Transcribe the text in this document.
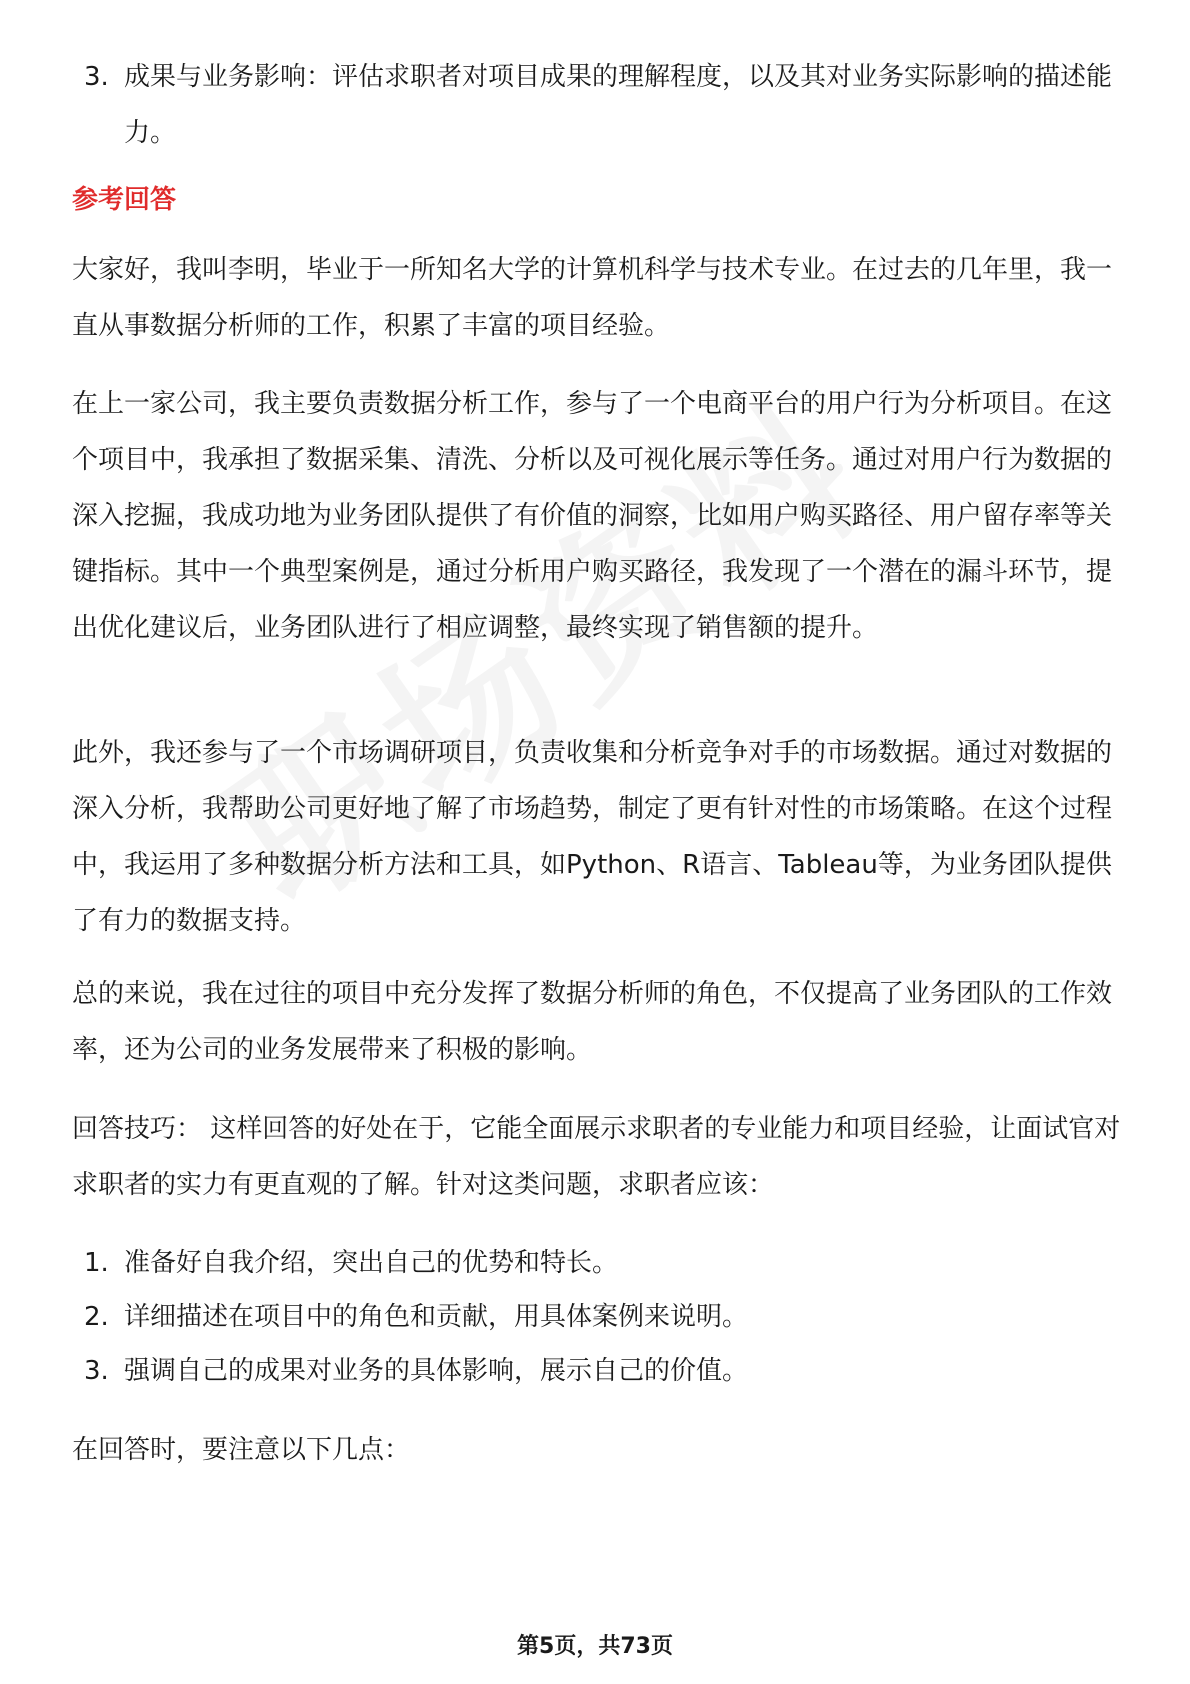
3. 成果与业务影响：评估求职者对项目成果的理解程度，以及其对业务实际影响的描述能力。
参考回答

大家好，我叫李明，毕业于一所知名大学的计算机科学与技术专业。在过去的几年里，我一直从事数据分析师的工作，积累了丰富的项目经验。

在上一家公司，我主要负责数据分析工作，参与了一个电商平台的用户行为分析项目。在这个项目中，我承担了数据采集、清洗、分析以及可视化展示等任务。通过对用户行为数据的深入挖掘，我成功地为业务团队提供了有价值的洞察，比如用户购买路径、用户留存率等关键指标。其中一个典型案例是，通过分析用户购买路径，我发现了一个潜在的漏斗环节，提出优化建议后，业务团队进行了相应调整，最终实现了销售额的提升。

此外，我还参与了一个市场调研项目，负责收集和分析竞争对手的市场数据。通过对数据的深入分析，我帮助公司更好地了解了市场趋势，制定了更有针对性的市场策略。在这个过程中，我运用了多种数据分析方法和工具，如Python、R语言、Tableau等，为业务团队提供了有力的数据支持。

总的来说，我在过往的项目中充分发挥了数据分析师的角色，不仅提高了业务团队的工作效率，还为公司的业务发展带来了积极的影响。

回答技巧： 这样回答的好处在于，它能全面展示求职者的专业能力和项目经验，让面试官对求职者的实力有更直观的了解。针对这类问题，求职者应该：

1. 准备好自我介绍，突出自己的优势和特长。
2. 详细描述在项目中的角色和贡献，用具体案例来说明。
3. 强调自己的成果对业务的具体影响，展示自己的价值。

在回答时，要注意以下几点：

第5页，共73页
